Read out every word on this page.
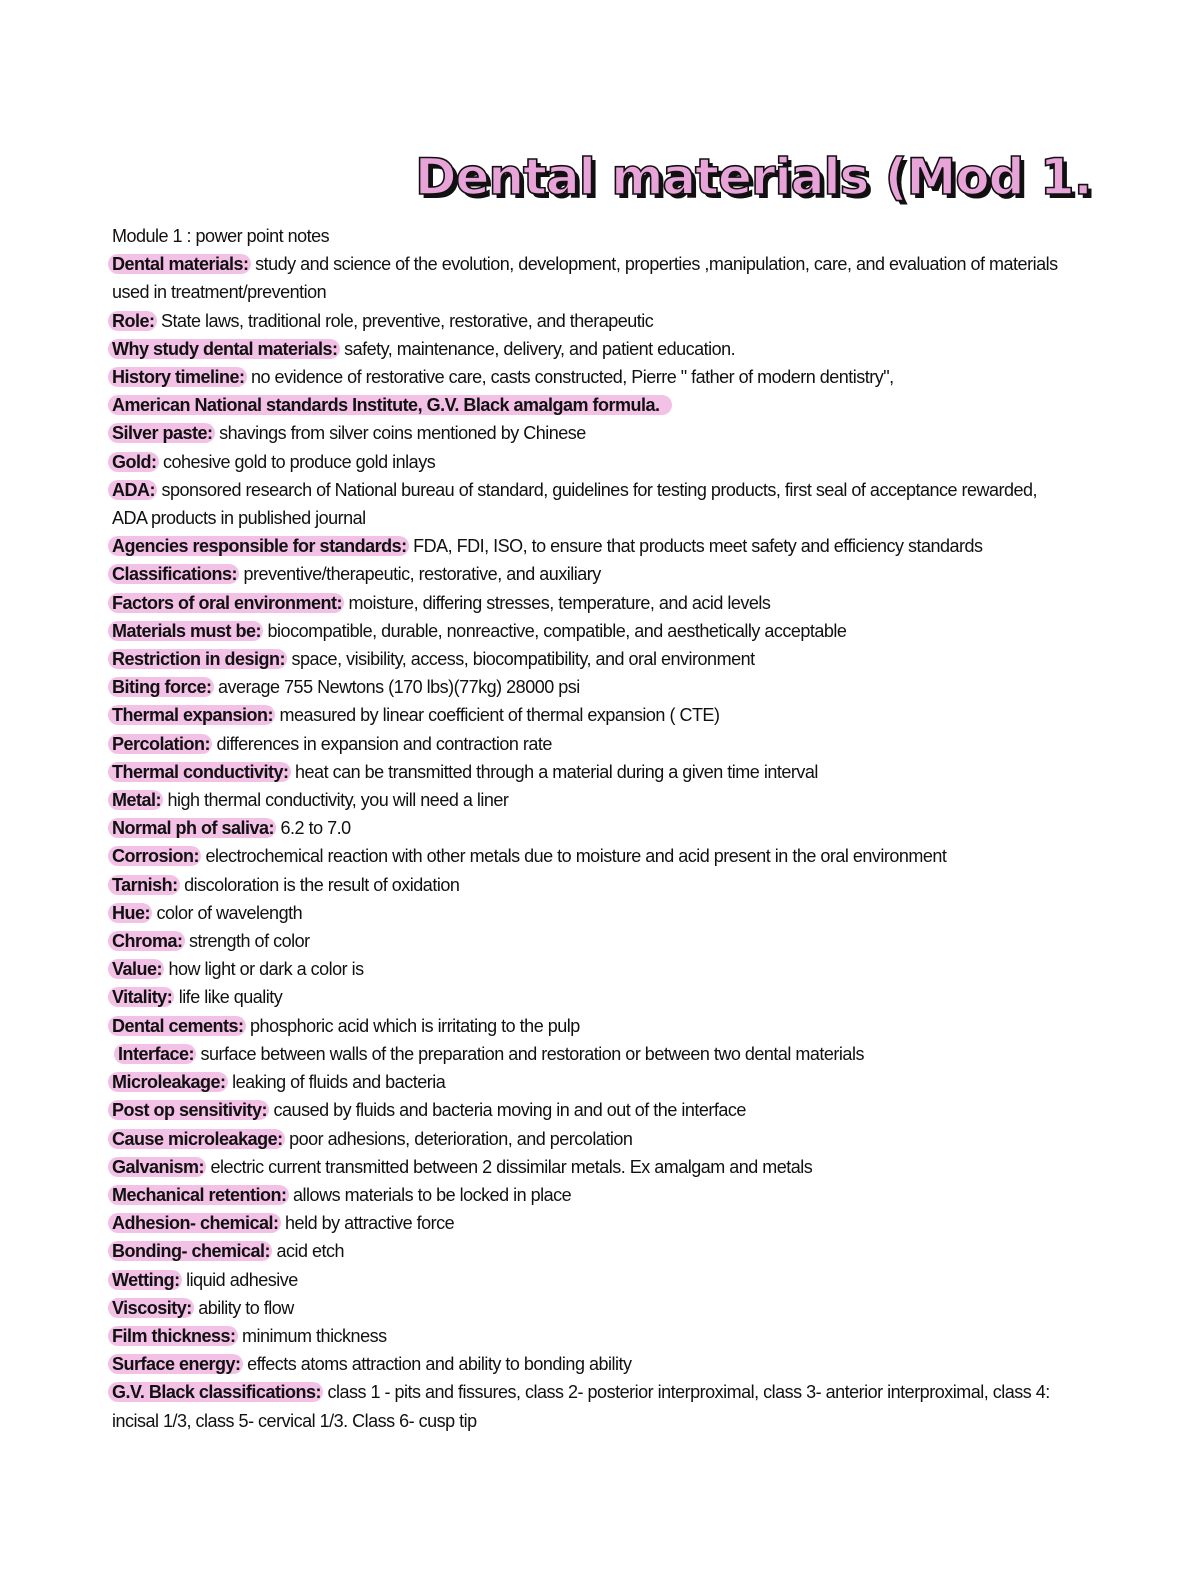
Dental materials (Mod 1.
Module 1 : power point notes
Dental materials: study and science of the evolution, development, properties ,manipulation, care, and evaluation of materials used in treatment/prevention
Role: State laws, traditional role, preventive, restorative, and therapeutic
Why study dental materials: safety, maintenance, delivery, and patient education.
History timeline: no evidence of restorative care, casts constructed, Pierre " father of modern dentistry",
American National standards Institute, G.V. Black amalgam formula.
Silver paste: shavings from silver coins mentioned by Chinese
Gold: cohesive gold to produce gold inlays
ADA: sponsored research of National bureau of standard, guidelines for testing products, first seal of acceptance rewarded, ADA products in published journal
Agencies responsible for standards: FDA, FDI, ISO, to ensure that products meet safety and efficiency standards
Classifications: preventive/therapeutic, restorative, and auxiliary
Factors of oral environment: moisture, differing stresses, temperature, and acid levels
Materials must be: biocompatible, durable, nonreactive, compatible, and aesthetically acceptable
Restriction in design: space, visibility, access, biocompatibility, and oral environment
Biting force: average 755 Newtons (170 lbs)(77kg) 28000 psi
Thermal expansion: measured by linear coefficient of thermal expansion ( CTE)
Percolation: differences in expansion and contraction rate
Thermal conductivity: heat can be transmitted through a material during a given time interval
Metal: high thermal conductivity, you will need a liner
Normal ph of saliva: 6.2 to 7.0
Corrosion: electrochemical reaction with other metals due to moisture and acid present in the oral environment
Tarnish: discoloration is the result of oxidation
Hue: color of wavelength
Chroma: strength of color
Value: how light or dark a color is
Vitality: life like quality
Dental cements: phosphoric acid which is irritating to the pulp
Interface: surface between walls of the preparation and restoration or between two dental materials
Microleakage: leaking of fluids and bacteria
Post op sensitivity: caused by fluids and bacteria moving in and out of the interface
Cause microleakage: poor adhesions, deterioration, and percolation
Galvanism: electric current transmitted between 2 dissimilar metals. Ex amalgam and metals
Mechanical retention: allows materials to be locked in place
Adhesion- chemical: held by attractive force
Bonding- chemical: acid etch
Wetting: liquid adhesive
Viscosity: ability to flow
Film thickness: minimum thickness
Surface energy: effects atoms attraction and ability to bonding ability
G.V. Black classifications: class 1 - pits and fissures, class 2- posterior interproximal, class 3- anterior interproximal, class 4: incisal 1/3, class 5- cervical 1/3. Class 6- cusp tip
